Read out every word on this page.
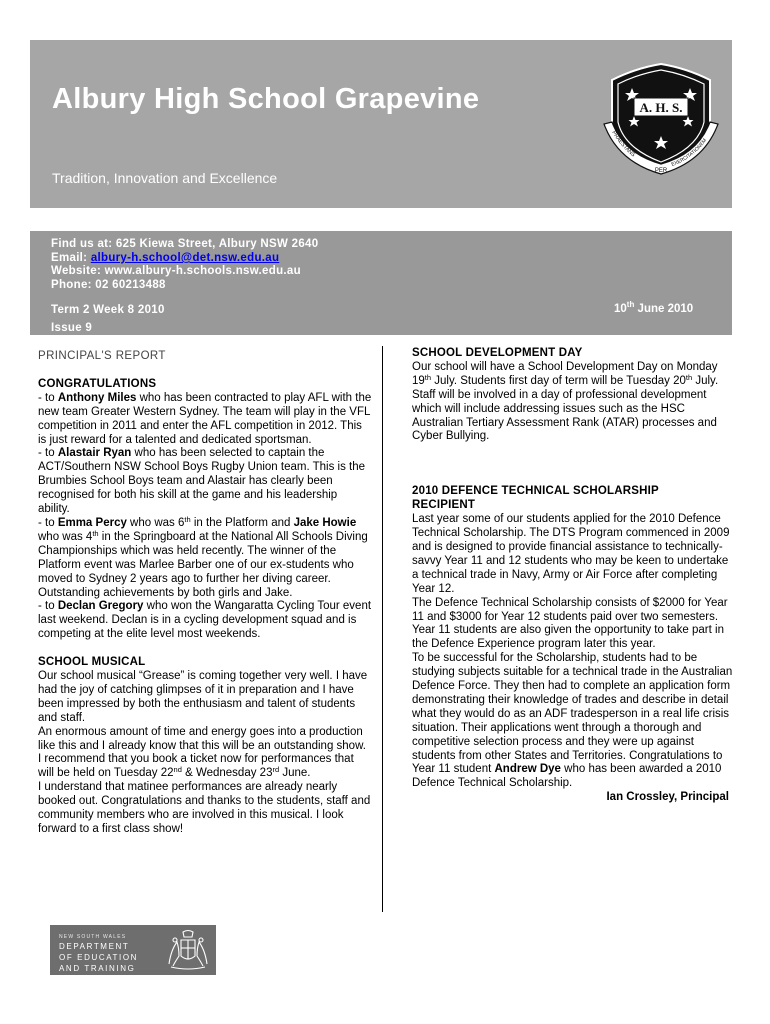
Albury High School Grapevine
Tradition, Innovation and Excellence
A. H. S.
PRAESTANS
PER
EXERCITATIONEM
Find us at: 625 Kiewa Street, Albury NSW 2640
Email: albury-h.school@det.nsw.edu.au
Website: www.albury-h.schools.nsw.edu.au
Phone: 02 60213488
Term 2 Week 8 2010
Issue 9
10th June 2010

PRINCIPAL'S REPORT

CONGRATULATIONS

- to Anthony Miles who has been contracted to play AFL with the new team Greater Western Sydney. The team will play in the VFL competition in 2011 and enter the AFL competition in 2012. This is just reward for a talented and dedicated sportsman.

- to Alastair Ryan who has been selected to captain the ACT/Southern NSW School Boys Rugby Union team. This is the Brumbies School Boys team and Alastair has clearly been recognised for both his skill at the game and his leadership ability.

- to Emma Percy who was 6th in the Platform and Jake Howie who was 4th in the Springboard at the National All Schools Diving Championships which was held recently. The winner of the Platform event was Marlee Barber one of our ex-students who moved to Sydney 2 years ago to further her diving career. Outstanding achievements by both girls and Jake.

- to Declan Gregory who won the Wangaratta Cycling Tour event last weekend. Declan is in a cycling development squad and is competing at the elite level most weekends.

SCHOOL MUSICAL

Our school musical “Grease” is coming together very well. I have had the joy of catching glimpses of it in preparation and I have been impressed by both the enthusiasm and talent of students and staff.

An enormous amount of time and energy goes into a production like this and I already know that this will be an outstanding show. I recommend that you book a ticket now for performances that will be held on Tuesday 22nd & Wednesday 23rd June.

I understand that matinee performances are already nearly booked out. Congratulations and thanks to the students, staff and community members who are involved in this musical. I look forward to a first class show!

SCHOOL DEVELOPMENT DAY

Our school will have a School Development Day on Monday 19th July. Students first day of term will be Tuesday 20th July.

Staff will be involved in a day of professional development which will include addressing issues such as the HSC Australian Tertiary Assessment Rank (ATAR) processes and Cyber Bullying.

2010 DEFENCE TECHNICAL SCHOLARSHIP

RECIPIENT

Last year some of our students applied for the 2010 Defence Technical Scholarship. The DTS Program commenced in 2009 and is designed to provide financial assistance to technically-savvy Year 11 and 12 students who may be keen to undertake a technical trade in Navy, Army or Air Force after completing Year 12.

The Defence Technical Scholarship consists of $2000 for Year 11 and $3000 for Year 12 students paid over two semesters. Year 11 students are also given the opportunity to take part in the Defence Experience program later this year.

To be successful for the Scholarship, students had to be studying subjects suitable for a technical trade in the Australian Defence Force. They then had to complete an application form demonstrating their knowledge of trades and describe in detail what they would do as an ADF tradesperson in a real life crisis situation. Their applications went through a thorough and competitive selection process and they were up against students from other States and Territories. Congratulations to Year 11 student Andrew Dye who has been awarded a 2010 Defence Technical Scholarship.

Ian Crossley, Principal

NEW SOUTH WALES
DEPARTMENT
OF EDUCATION
AND TRAINING
